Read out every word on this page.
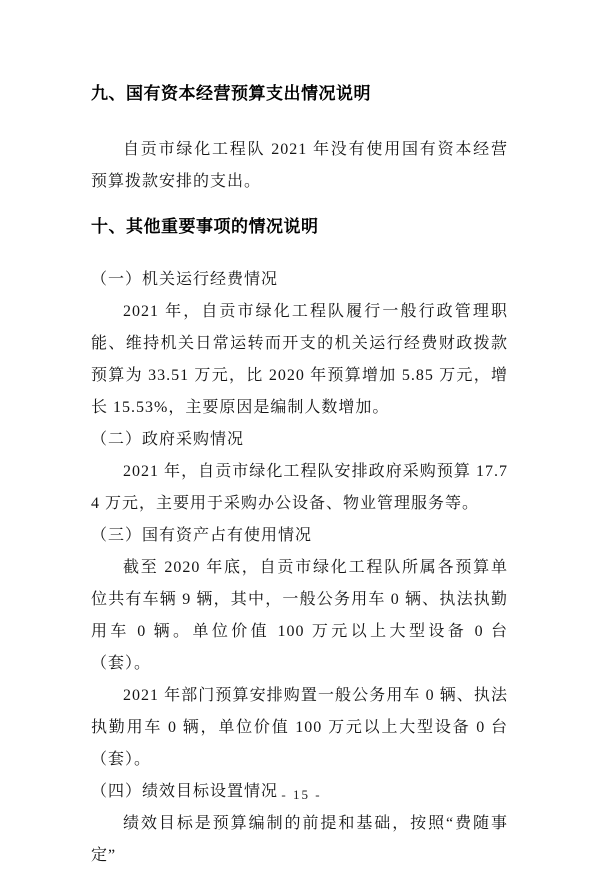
九、国有资本经营预算支出情况说明

自贡市绿化工程队 2021 年没有使用国有资本经营预算拨款安排的支出。

十、其他重要事项的情况说明

（一）机关运行经费情况

2021 年，自贡市绿化工程队履行一般行政管理职能、维持机关日常运转而开支的机关运行经费财政拨款预算为 33.51 万元，比 2020 年预算增加 5.85 万元，增长 15.53%，主要原因是编制人数增加。

（二）政府采购情况

2021 年，自贡市绿化工程队安排政府采购预算 17.74 万元，主要用于采购办公设备、物业管理服务等。

（三）国有资产占有使用情况

截至 2020 年底，自贡市绿化工程队所属各预算单位共有车辆 9 辆，其中，一般公务用车 0 辆、执法执勤用车 0 辆。单位价值 100 万元以上大型设备 0 台（套）。

2021 年部门预算安排购置一般公务用车 0 辆、执法执勤用车 0 辆，单位价值 100 万元以上大型设备 0 台（套）。

（四）绩效目标设置情况

绩效目标是预算编制的前提和基础，按照“费随事定”

- 15 -
